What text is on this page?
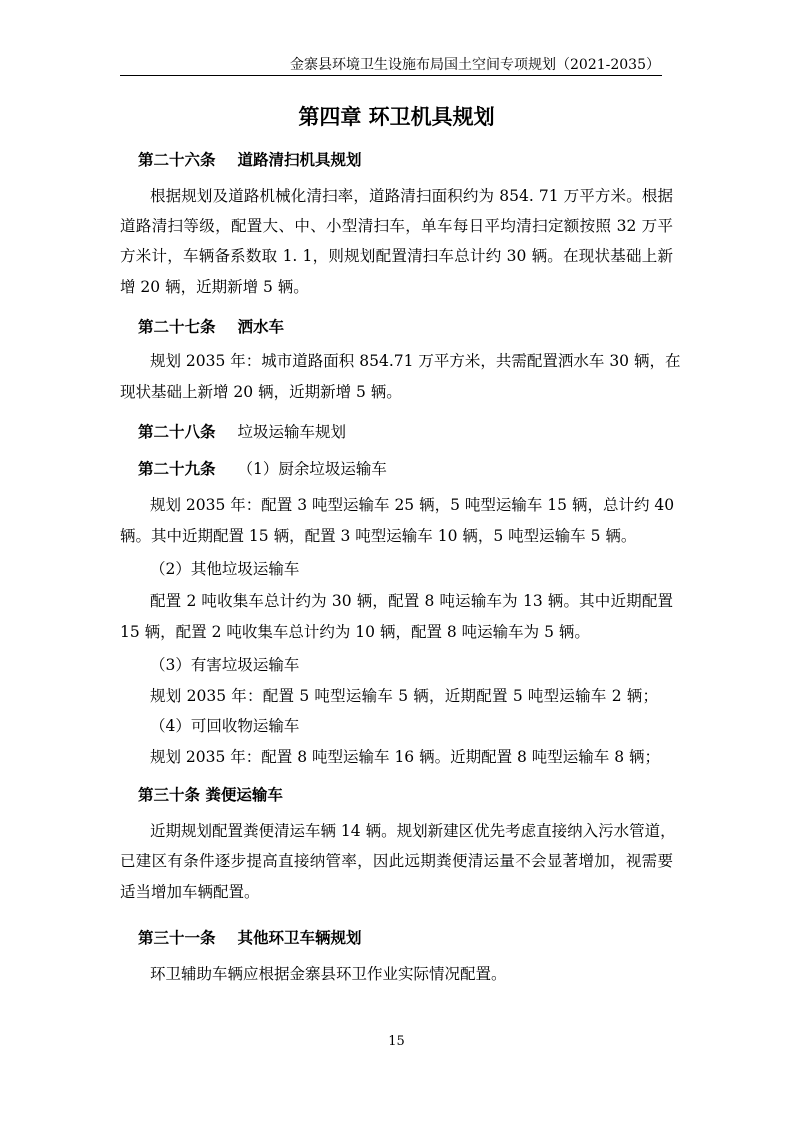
金寨县环境卫生设施布局国土空间专项规划（2021-2035）
第四章 环卫机具规划
第二十六条 道路清扫机具规划
根据规划及道路机械化清扫率，道路清扫面积约为 854. 71 万平方米。根据
道路清扫等级，配置大、中、小型清扫车，单车每日平均清扫定额按照 32 万平
方米计，车辆备系数取 1. 1，则规划配置清扫车总计约 30 辆。在现状基础上新
增 20 辆，近期新增 5 辆。
第二十七条 洒水车
规划 2035 年：城市道路面积 854.71 万平方米，共需配置洒水车 30 辆，在
现状基础上新增 20 辆，近期新增 5 辆。
第二十八条 垃圾运输车规划
第二十九条 （1）厨余垃圾运输车
规划 2035 年：配置 3 吨型运输车 25 辆，5 吨型运输车 15 辆，总计约 40
辆。其中近期配置 15 辆，配置 3 吨型运输车 10 辆，5 吨型运输车 5 辆。
（2）其他垃圾运输车
配置 2 吨收集车总计约为 30 辆，配置 8 吨运输车为 13 辆。其中近期配置
15 辆，配置 2 吨收集车总计约为 10 辆，配置 8 吨运输车为 5 辆。
（3）有害垃圾运输车
规划 2035 年：配置 5 吨型运输车 5 辆，近期配置 5 吨型运输车 2 辆；
（4）可回收物运输车
规划 2035 年：配置 8 吨型运输车 16 辆。近期配置 8 吨型运输车 8 辆；
第三十条 粪便运输车
近期规划配置粪便清运车辆 14 辆。规划新建区优先考虑直接纳入污水管道，
已建区有条件逐步提高直接纳管率，因此远期粪便清运量不会显著增加，视需要
适当增加车辆配置。
第三十一条 其他环卫车辆规划
环卫辅助车辆应根据金寨县环卫作业实际情况配置。
15
